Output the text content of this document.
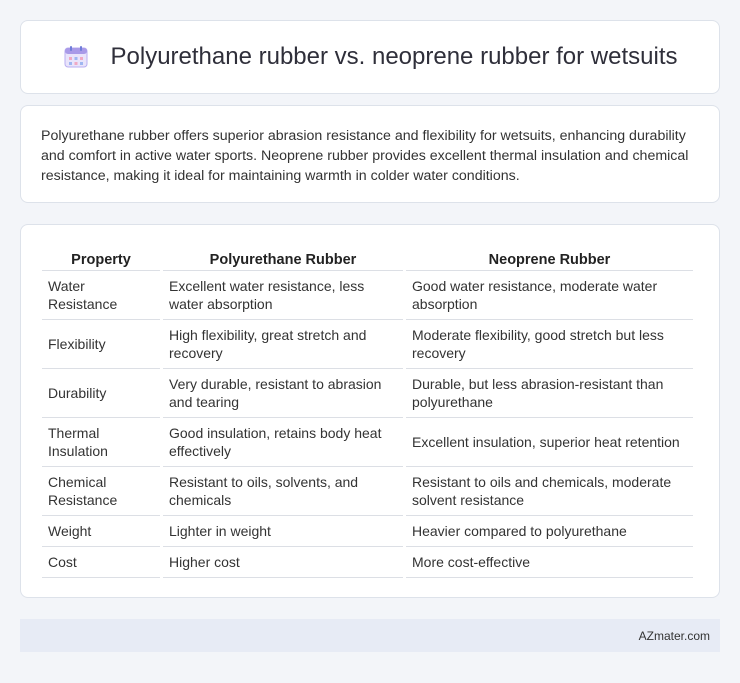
Polyurethane rubber vs. neoprene rubber for wetsuits

Polyurethane rubber offers superior abrasion resistance and flexibility for wetsuits, enhancing durability and comfort in active water sports. Neoprene rubber provides excellent thermal insulation and chemical resistance, making it ideal for maintaining warmth in colder water conditions.

Property	Polyurethane Rubber	Neoprene Rubber
Water Resistance	Excellent water resistance, less water absorption	Good water resistance, moderate water absorption
Flexibility	High flexibility, great stretch and recovery	Moderate flexibility, good stretch but less recovery
Durability	Very durable, resistant to abrasion and tearing	Durable, but less abrasion-resistant than polyurethane
Thermal Insulation	Good insulation, retains body heat effectively	Excellent insulation, superior heat retention
Chemical Resistance	Resistant to oils, solvents, and chemicals	Resistant to oils and chemicals, moderate solvent resistance
Weight	Lighter in weight	Heavier compared to polyurethane
Cost	Higher cost	More cost-effective
AZmater.com
